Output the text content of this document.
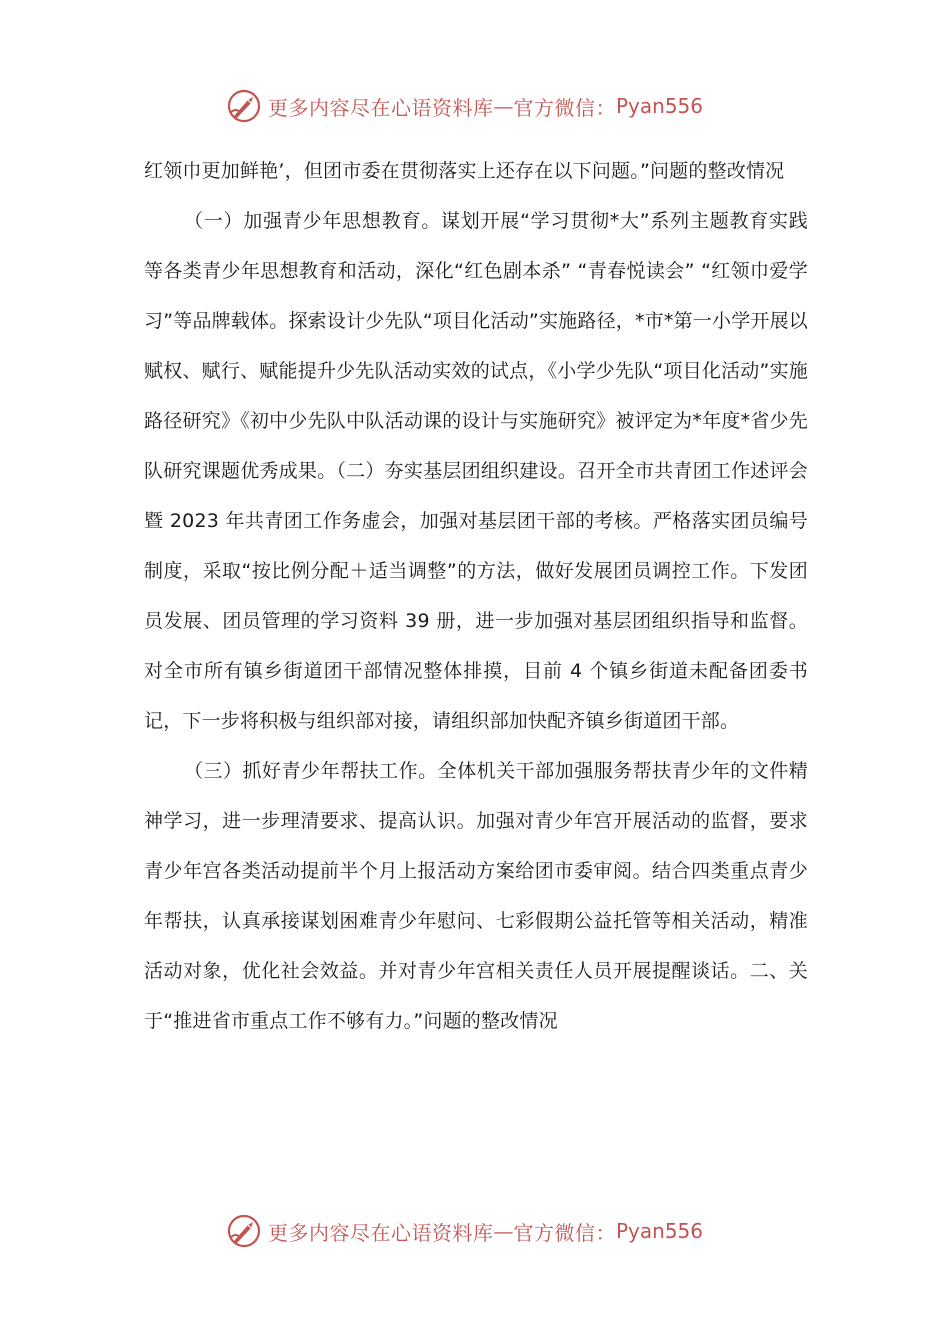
更多内容尽在心语资料库 — 官方微信： Pyan556

红领巾更加鲜艳’，但团市委在贯彻落实上还存在以下问题。”问题的整改情况

（一）加强青少年思想教育。谋划开展“学习贯彻*大”系列主题教育实践等各类青少年思想教育和活动，深化“红色剧本杀” “青春悦读会” “红领巾爱学习”等品牌载体。探索设计少先队“项目化活动”实施路径，*市*第一小学开展以赋权、赋行、赋能提升少先队活动实效的试点，《小学少先队“项目化活动”实施路径研究》《初中少先队中队活动课的设计与实施研究》被评定为*年度*省少先队研究课题优秀成果。（二）夯实基层团组织建设。召开全市共青团工作述评会暨 2023 年共青团工作务虚会，加强对基层团干部的考核。严格落实团员编号制度，采取“按比例分配＋适当调整”的方法，做好发展团员调控工作。下发团员发展、团员管理的学习资料 39 册，进一步加强对基层团组织指导和监督。对全市所有镇乡街道团干部情况整体排摸，目前 4 个镇乡街道未配备团委书记，下一步将积极与组织部对接，请组织部加快配齐镇乡街道团干部。

（三）抓好青少年帮扶工作。全体机关干部加强服务帮扶青少年的文件精神学习，进一步理清要求、提高认识。加强对青少年宫开展活动的监督，要求青少年宫各类活动提前半个月上报活动方案给团市委审阅。结合四类重点青少年帮扶，认真承接谋划困难青少年慰问、七彩假期公益托管等相关活动，精准活动对象，优化社会效益。并对青少年宫相关责任人员开展提醒谈话。二、关于“推进省市重点工作不够有力。”问题的整改情况

更多内容尽在心语资料库 — 官方微信： Pyan556
